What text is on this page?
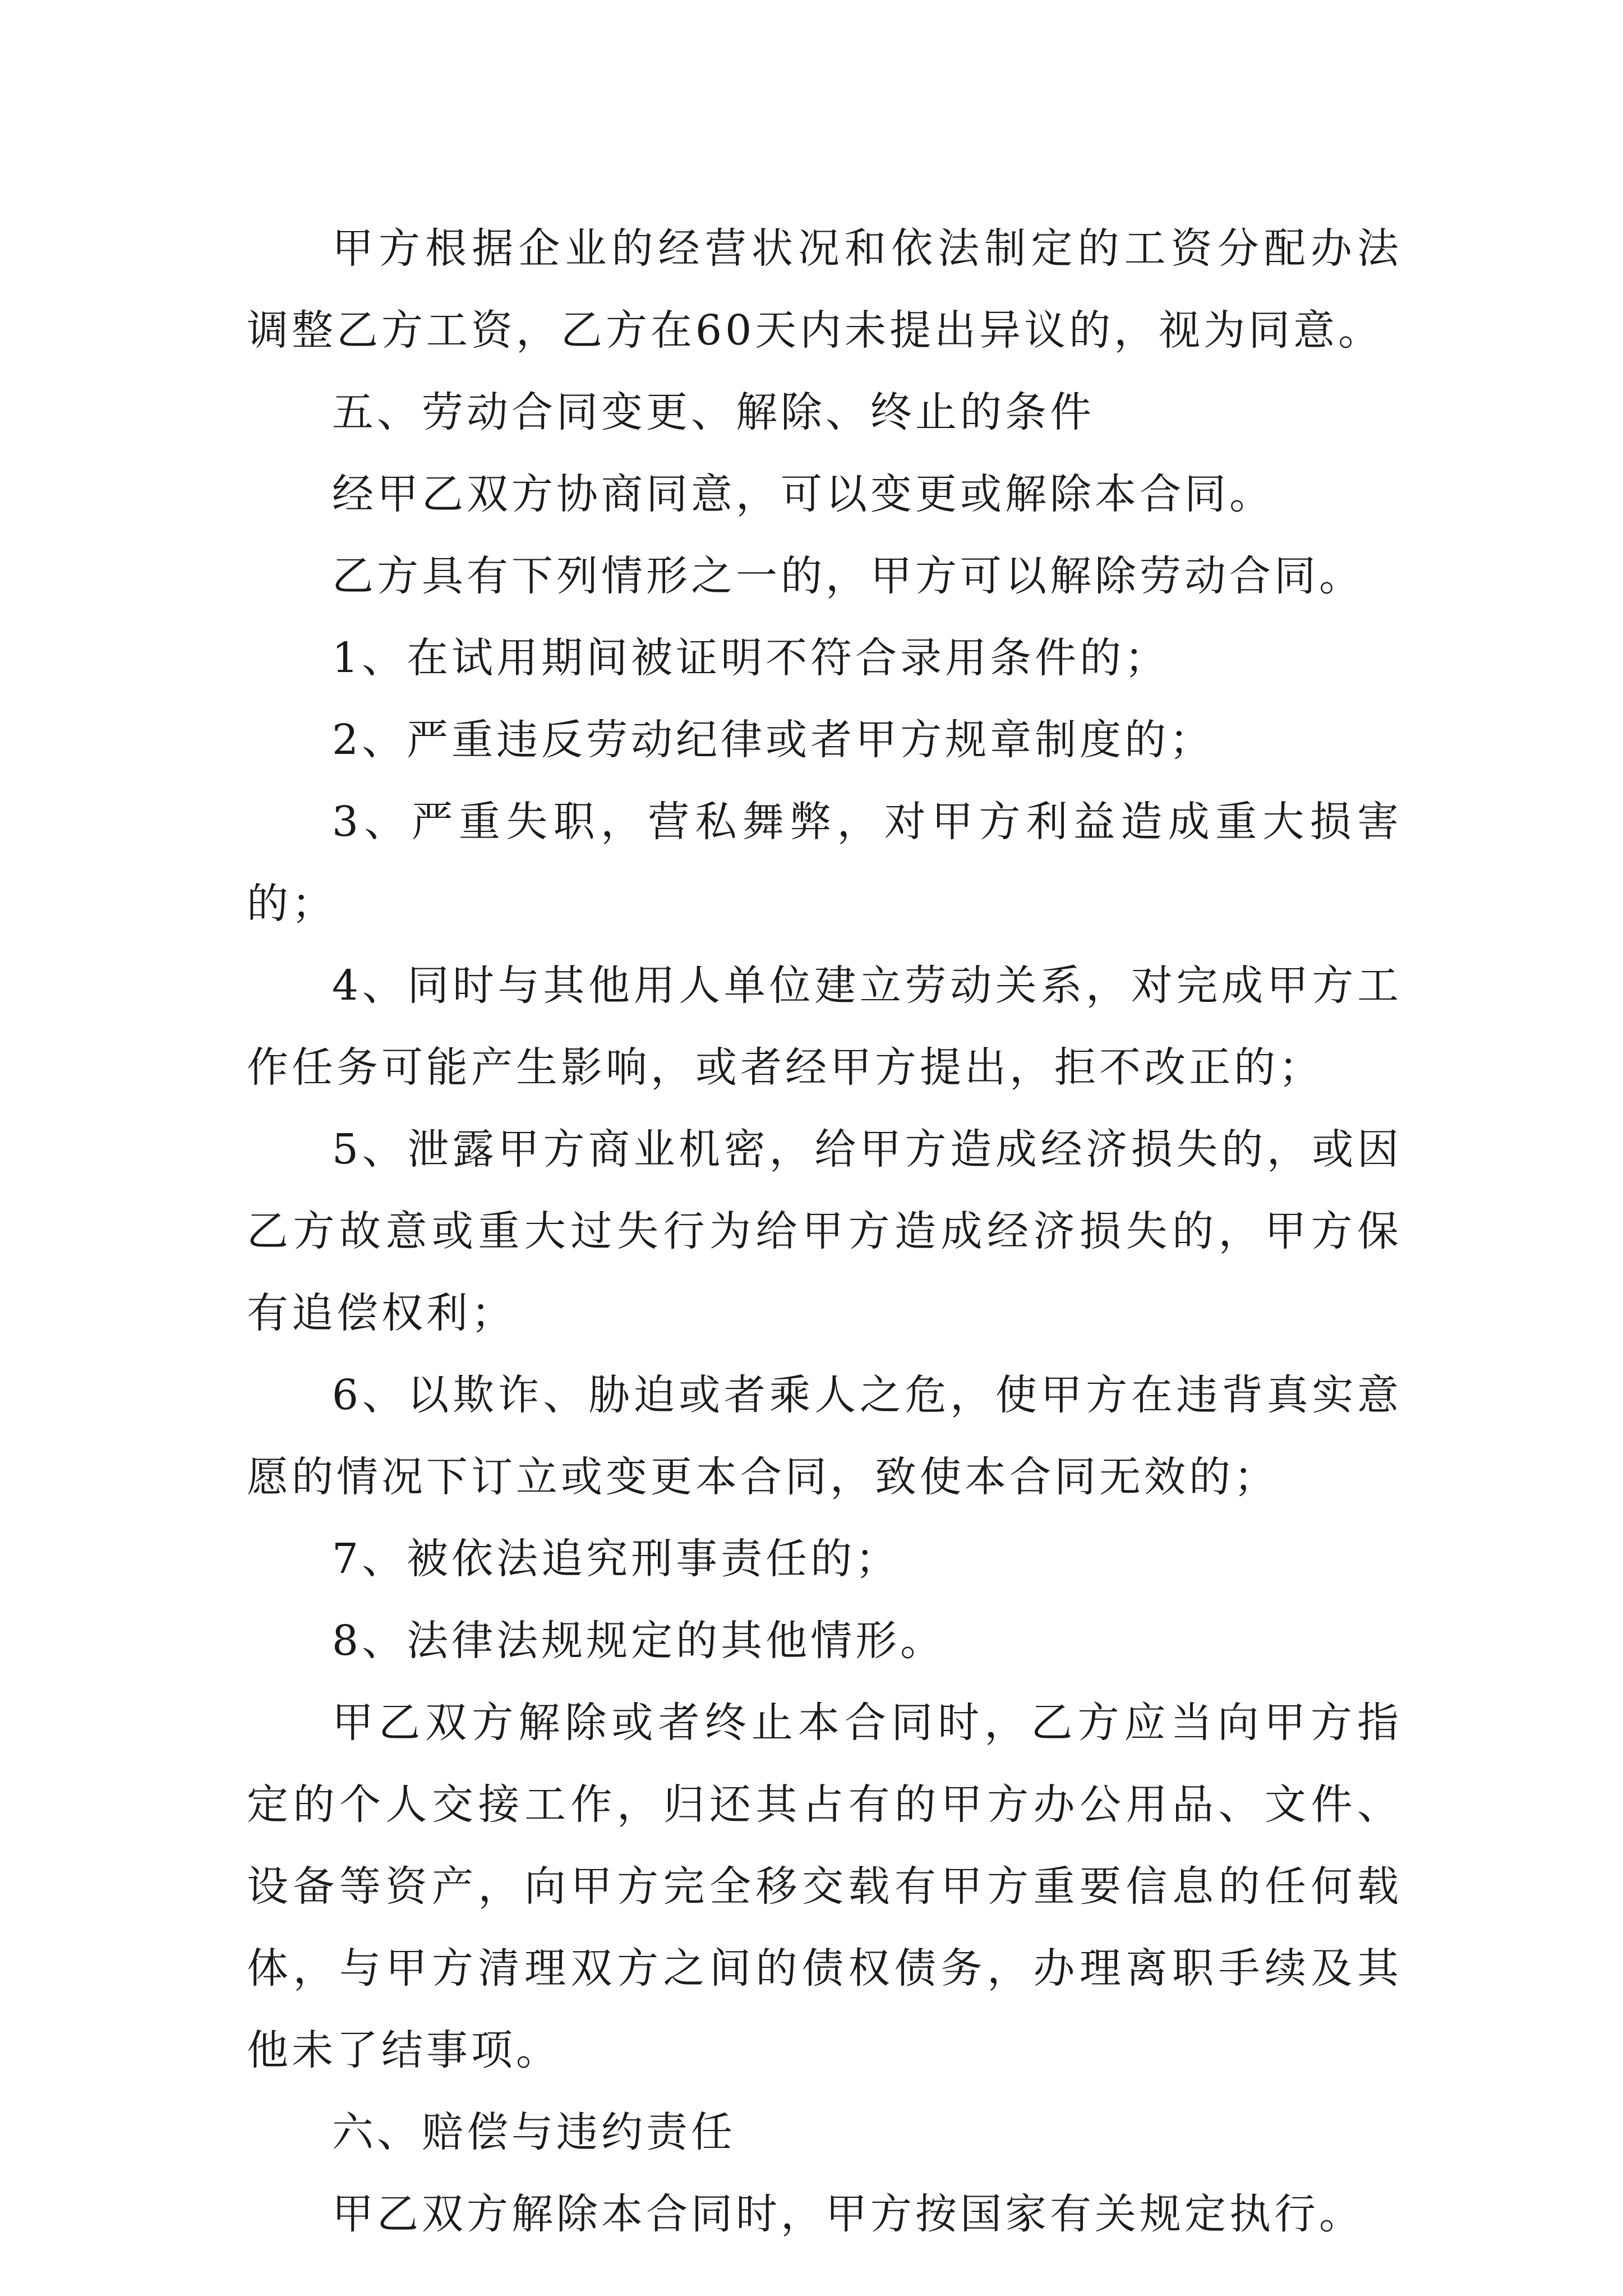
甲方根据企业的经营状况和依法制定的工资分配办法调整乙方工资，乙方在60天内未提出异议的，视为同意。

五、劳动合同变更、解除、终止的条件

经甲乙双方协商同意，可以变更或解除本合同。

乙方具有下列情形之一的，甲方可以解除劳动合同。

1、在试用期间被证明不符合录用条件的；

2、严重违反劳动纪律或者甲方规章制度的；

3、严重失职，营私舞弊，对甲方利益造成重大损害的；

4、同时与其他用人单位建立劳动关系，对完成甲方工作任务可能产生影响，或者经甲方提出，拒不改正的；

5、泄露甲方商业机密，给甲方造成经济损失的，或因乙方故意或重大过失行为给甲方造成经济损失的，甲方保有追偿权利；

6、以欺诈、胁迫或者乘人之危，使甲方在违背真实意愿的情况下订立或变更本合同，致使本合同无效的；

7、被依法追究刑事责任的；

8、法律法规规定的其他情形。

甲乙双方解除或者终止本合同时，乙方应当向甲方指定的个人交接工作，归还其占有的甲方办公用品、文件、设备等资产，向甲方完全移交载有甲方重要信息的任何载体，与甲方清理双方之间的债权债务，办理离职手续及其他未了结事项。

六、赔偿与违约责任

甲乙双方解除本合同时，甲方按国家有关规定执行。
